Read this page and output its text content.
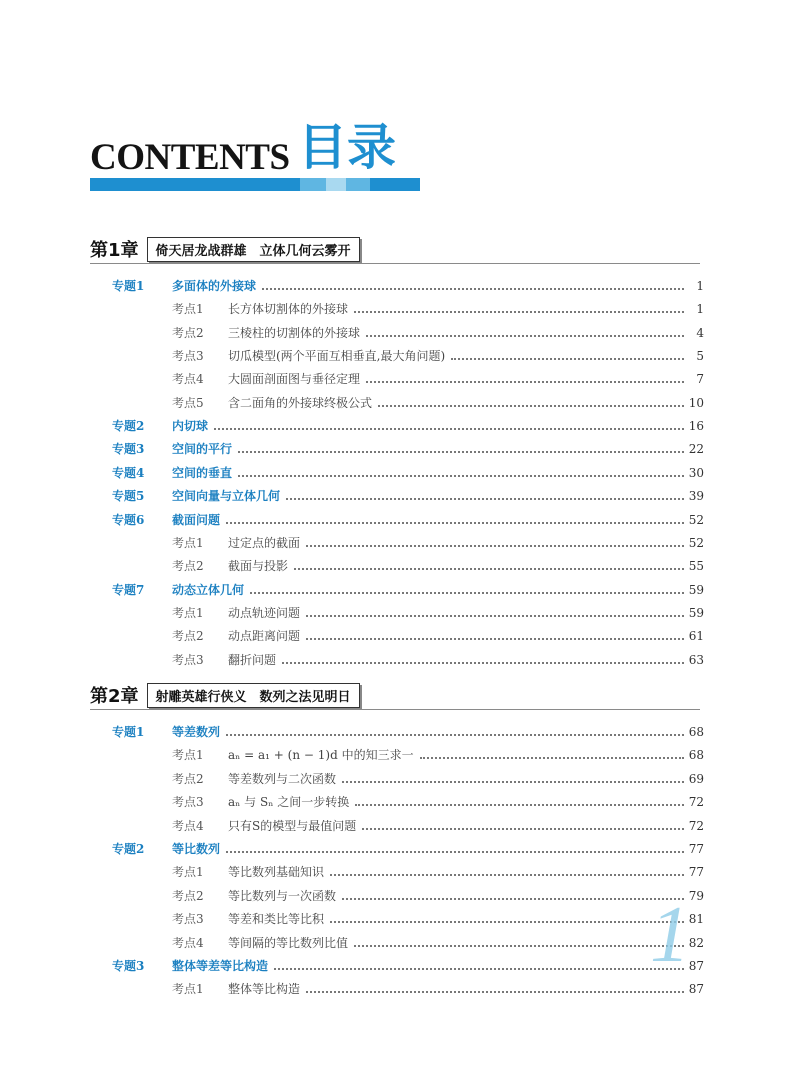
CONTENTS 目录
第1章	倚天居龙战群雄　立体几何云雾开
专题1 多面体的外接球	1
考点1 长方体切割体的外接球	1
考点2 三棱柱的切割体的外接球	4
考点3 切瓜模型(两个平面互相垂直,最大角问题)	5
考点4 大圆面剖面图与垂径定理	7
考点5 含二面角的外接球终极公式	10
专题2 内切球	16
专题3 空间的平行	22
专题4 空间的垂直	30
专题5 空间向量与立体几何	39
专题6 截面问题	52
考点1 过定点的截面	52
考点2 截面与投影	55
专题7 动态立体几何	59
考点1 动点轨迹问题	59
考点2 动点距离问题	61
考点3 翻折问题	63
第2章	射雕英雄行侠义　数列之法见明日
专题1 等差数列	68
考点1 aₙ = a₁ + (n − 1)d 中的知三求一	68
考点2 等差数列与二次函数	69
考点3 aₙ 与 Sₙ 之间一步转换	72
考点4 只有S的模型与最值问题	72
专题2 等比数列	77
考点1 等比数列基础知识	77
考点2 等比数列与一次函数	79
考点3 等差和类比等比积	81
考点4 等间隔的等比数列比值	82
专题3 整体等差等比构造	87
考点1 整体等比构造	87
1
